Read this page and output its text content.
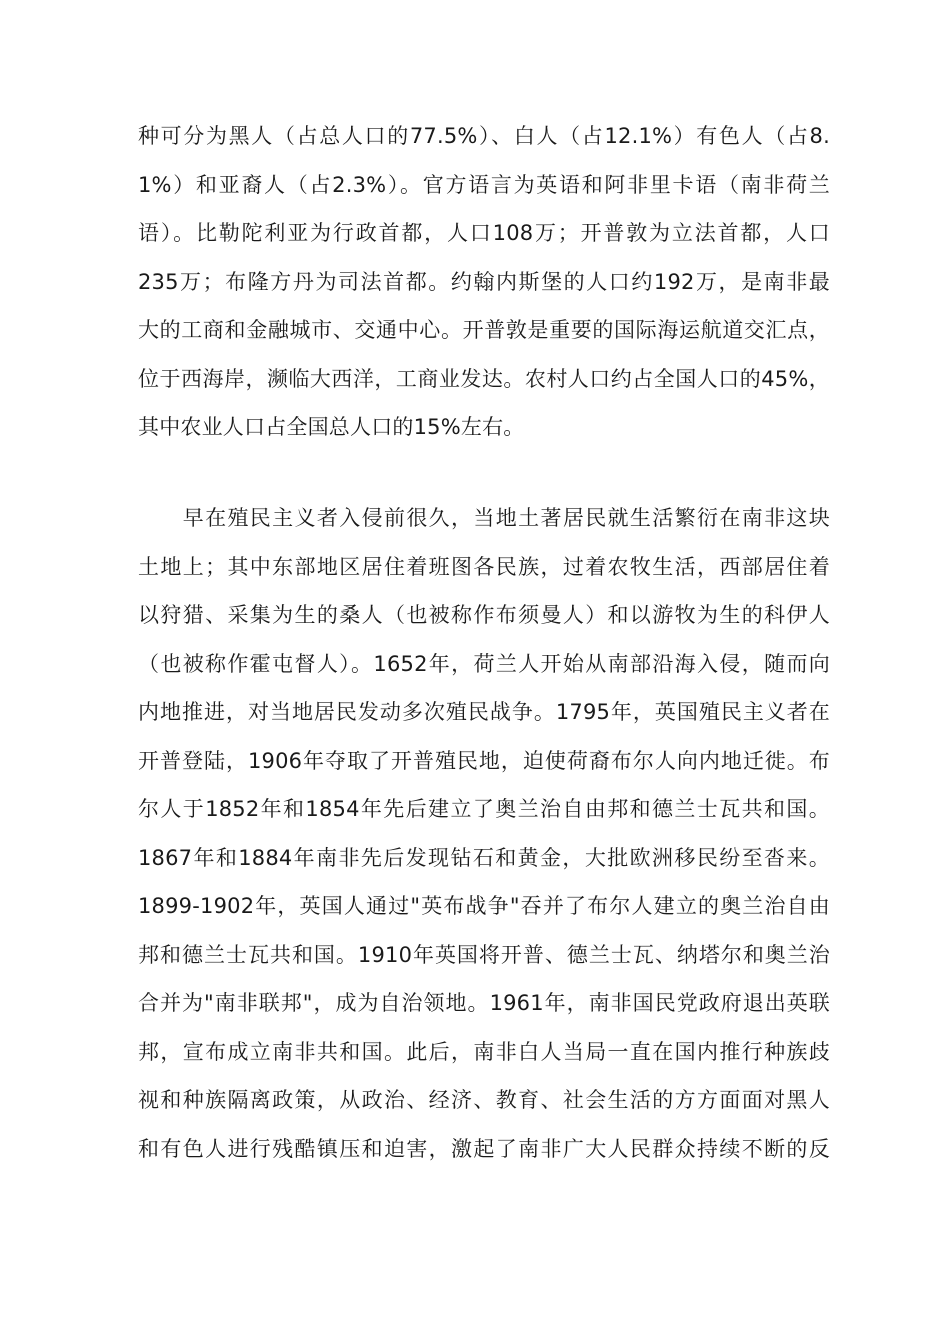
种可分为黑人（占总人口的77.5%）、白人（占12.1%）有色人（占8.
1%）和亚裔人（占2.3%）。官方语言为英语和阿非里卡语（南非荷兰
语）。比勒陀利亚为行政首都，人口108万；开普敦为立法首都，人口
235万；布隆方丹为司法首都。约翰内斯堡的人口约192万，是南非最
大的工商和金融城市、交通中心。开普敦是重要的国际海运航道交汇点，
位于西海岸，濒临大西洋，工商业发达。农村人口约占全国人口的45%，
其中农业人口占全国总人口的15%左右。
　　早在殖民主义者入侵前很久，当地土著居民就生活繁衍在南非这块
土地上；其中东部地区居住着班图各民族，过着农牧生活，西部居住着
以狩猎、采集为生的桑人（也被称作布须曼人）和以游牧为生的科伊人
（也被称作霍屯督人）。1652年，荷兰人开始从南部沿海入侵，随而向
内地推进，对当地居民发动多次殖民战争。1795年，英国殖民主义者在
开普登陆，1906年夺取了开普殖民地，迫使荷裔布尔人向内地迁徙。布
尔人于1852年和1854年先后建立了奥兰治自由邦和德兰士瓦共和国。
1867年和1884年南非先后发现钻石和黄金，大批欧洲移民纷至沓来。
1899-1902年，英国人通过"英布战争"吞并了布尔人建立的奥兰治自由
邦和德兰士瓦共和国。1910年英国将开普、德兰士瓦、纳塔尔和奥兰治
合并为"南非联邦"，成为自治领地。1961年，南非国民党政府退出英联
邦，宣布成立南非共和国。此后，南非白人当局一直在国内推行种族歧
视和种族隔离政策，从政治、经济、教育、社会生活的方方面面对黑人
和有色人进行残酷镇压和迫害，激起了南非广大人民群众持续不断的反
